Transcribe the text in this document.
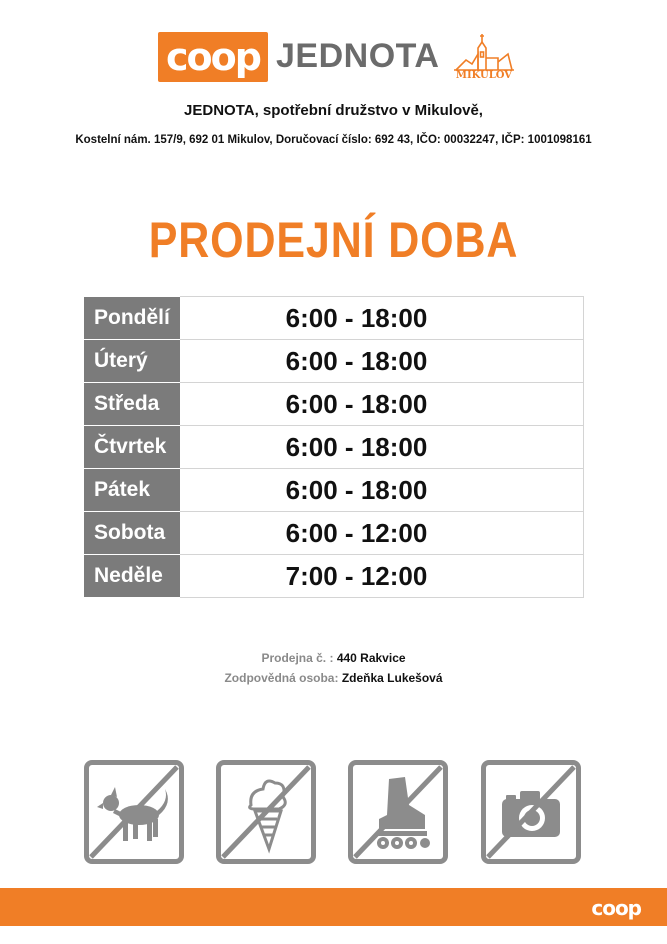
coop JEDNOTA
MIKULOV
JEDNOTA, spotřební družstvo v Mikulově,
Kostelní nám. 157/9, 692 01 Mikulov, Doručovací číslo: 692 43, IČO: 00032247, IČP: 1001098161
PRODEJNÍ DOBA
Pondělí	6:00 - 18:00
Úterý	6:00 - 18:00
Středa	6:00 - 18:00
Čtvrtek	6:00 - 18:00
Pátek	6:00 - 18:00
Sobota	6:00 - 12:00
Neděle	7:00 - 12:00
Prodejna č. : 440 Rakvice
Zodpovědná osoba: Zdeňka Lukešová
coop
